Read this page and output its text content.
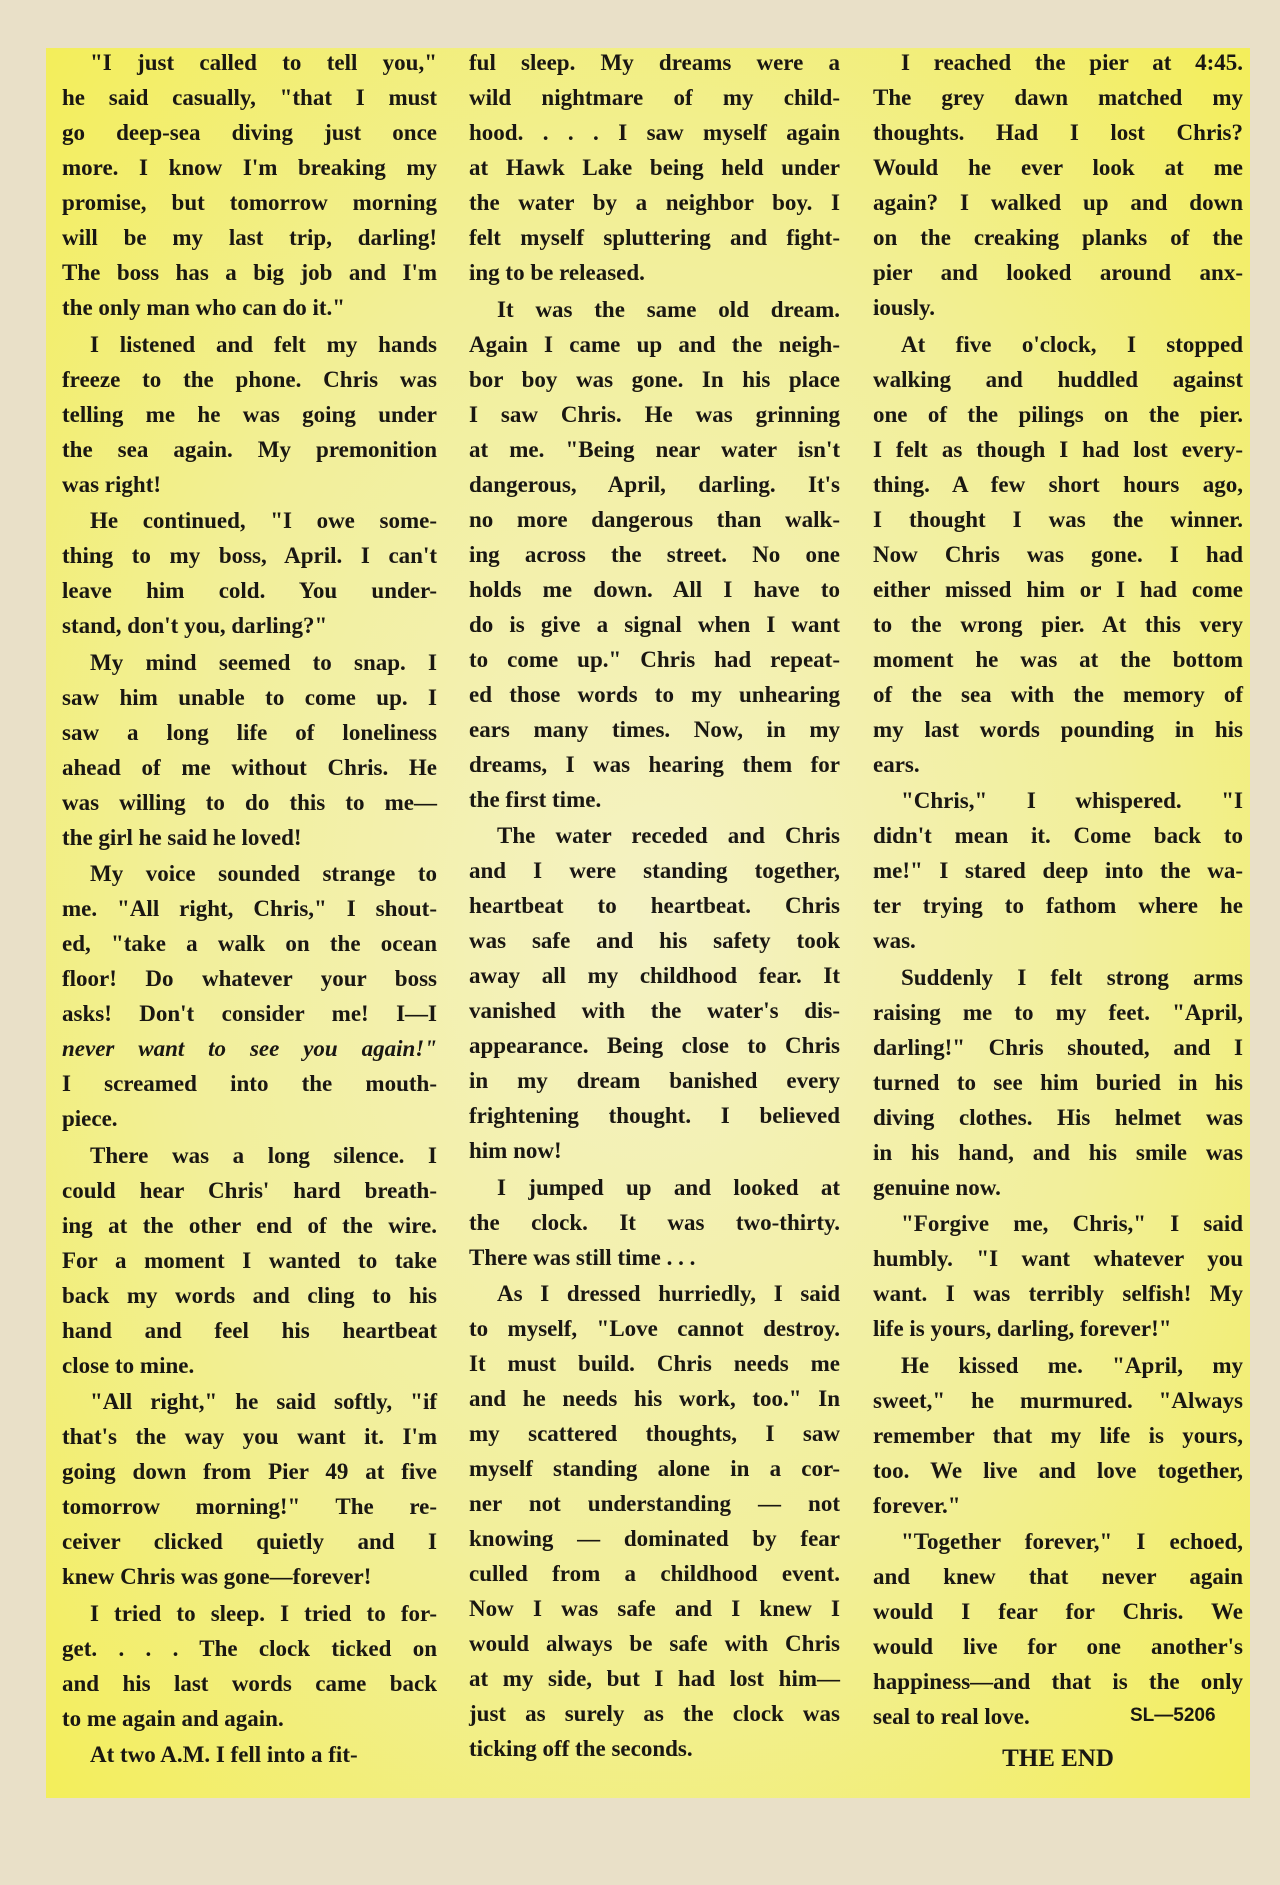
"I just called to tell you,"
he said casually, "that I must
go deep-sea diving just once
more. I know I'm breaking my
promise, but tomorrow morning
will be my last trip, darling!
The boss has a big job and I'm
the only man who can do it."
I listened and felt my hands
freeze to the phone. Chris was
telling me he was going under
the sea again. My premonition
was right!
He continued, "I owe some-
thing to my boss, April. I can't
leave him cold. You under-
stand, don't you, darling?"
My mind seemed to snap. I
saw him unable to come up. I
saw a long life of loneliness
ahead of me without Chris. He
was willing to do this to me—
the girl he said he loved!
My voice sounded strange to
me. "All right, Chris," I shout-
ed, "take a walk on the ocean
floor! Do whatever your boss
asks! Don't consider me! I—I
never want to see you again!"
I screamed into the mouth-
piece.
There was a long silence. I
could hear Chris' hard breath-
ing at the other end of the wire.
For a moment I wanted to take
back my words and cling to his
hand and feel his heartbeat
close to mine.
"All right," he said softly, "if
that's the way you want it. I'm
going down from Pier 49 at five
tomorrow morning!" The re-
ceiver clicked quietly and I
knew Chris was gone—forever!
I tried to sleep. I tried to for-
get. . . . The clock ticked on
and his last words came back
to me again and again.
At two A.M. I fell into a fit-
ful sleep. My dreams were a
wild nightmare of my child-
hood. . . . I saw myself again
at Hawk Lake being held under
the water by a neighbor boy. I
felt myself spluttering and fight-
ing to be released.
It was the same old dream.
Again I came up and the neigh-
bor boy was gone. In his place
I saw Chris. He was grinning
at me. "Being near water isn't
dangerous, April, darling. It's
no more dangerous than walk-
ing across the street. No one
holds me down. All I have to
do is give a signal when I want
to come up." Chris had repeat-
ed those words to my unhearing
ears many times. Now, in my
dreams, I was hearing them for
the first time.
The water receded and Chris
and I were standing together,
heartbeat to heartbeat. Chris
was safe and his safety took
away all my childhood fear. It
vanished with the water's dis-
appearance. Being close to Chris
in my dream banished every
frightening thought. I believed
him now!
I jumped up and looked at
the clock. It was two-thirty.
There was still time . . .
As I dressed hurriedly, I said
to myself, "Love cannot destroy.
It must build. Chris needs me
and he needs his work, too." In
my scattered thoughts, I saw
myself standing alone in a cor-
ner not understanding — not
knowing — dominated by fear
culled from a childhood event.
Now I was safe and I knew I
would always be safe with Chris
at my side, but I had lost him—
just as surely as the clock was
ticking off the seconds.
I reached the pier at 4:45.
The grey dawn matched my
thoughts. Had I lost Chris?
Would he ever look at me
again? I walked up and down
on the creaking planks of the
pier and looked around anx-
iously.
At five o'clock, I stopped
walking and huddled against
one of the pilings on the pier.
I felt as though I had lost every-
thing. A few short hours ago,
I thought I was the winner.
Now Chris was gone. I had
either missed him or I had come
to the wrong pier. At this very
moment he was at the bottom
of the sea with the memory of
my last words pounding in his
ears.
"Chris," I whispered. "I
didn't mean it. Come back to
me!" I stared deep into the wa-
ter trying to fathom where he
was.
Suddenly I felt strong arms
raising me to my feet. "April,
darling!" Chris shouted, and I
turned to see him buried in his
diving clothes. His helmet was
in his hand, and his smile was
genuine now.
"Forgive me, Chris," I said
humbly. "I want whatever you
want. I was terribly selfish! My
life is yours, darling, forever!"
He kissed me. "April, my
sweet," he murmured. "Always
remember that my life is yours,
too. We live and love together,
forever."
"Together forever," I echoed,
and knew that never again
would I fear for Chris. We
would live for one another's
happiness—and that is the only
seal to real love.	SL—5206
THE END
